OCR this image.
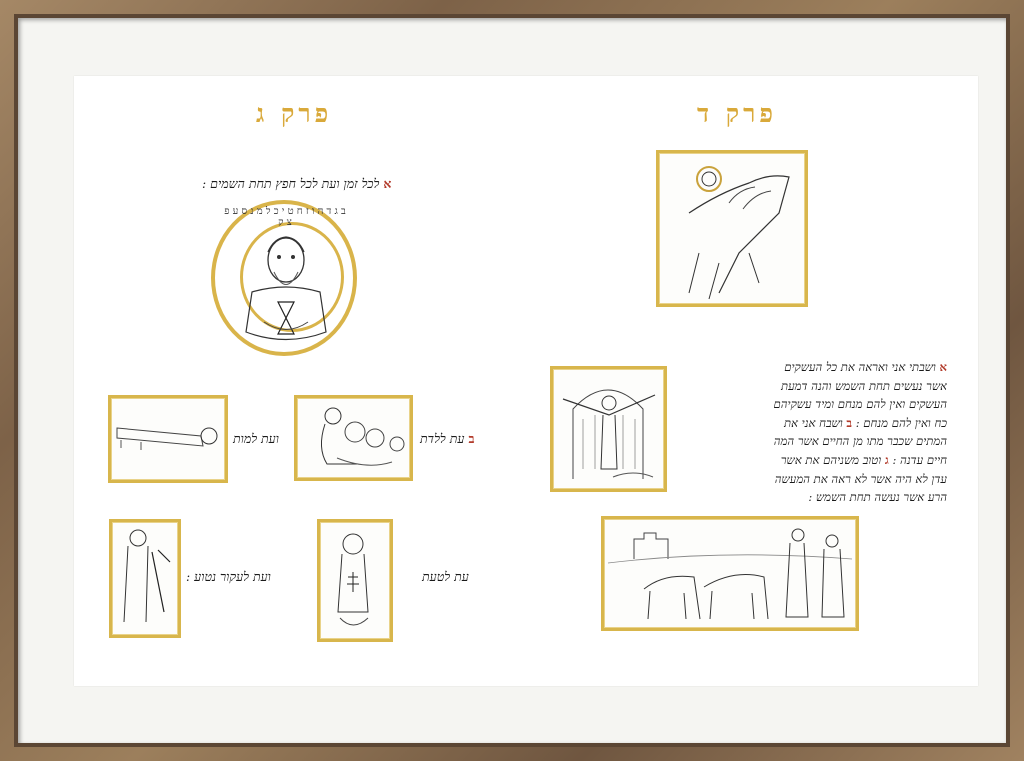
פרק ג
א לכל זמן ועת לכל חפץ תחת השמים :
ב ג ד ה ו ז ח ט י כ ל מ נ ס ע פ צ ק
ב עת ללדת
ועת למות
עת לטעת
ועת לעקור נטוע :
פרק ד
א ושבתי אני ואראה את כל העשקים
אשר נעשים תחת השמש והנה דמעת
העשקים ואין להם מנחם ומיד עשקיהם
כח ואין להם מנחם : ב ושבח אני את
המתים שכבר מתו מן החיים אשר המה
חיים עדנה : ג וטוב משניהם את אשר
עדן לא היה אשר לא ראה את המעשה
הרע אשר נעשה תחת השמש :
